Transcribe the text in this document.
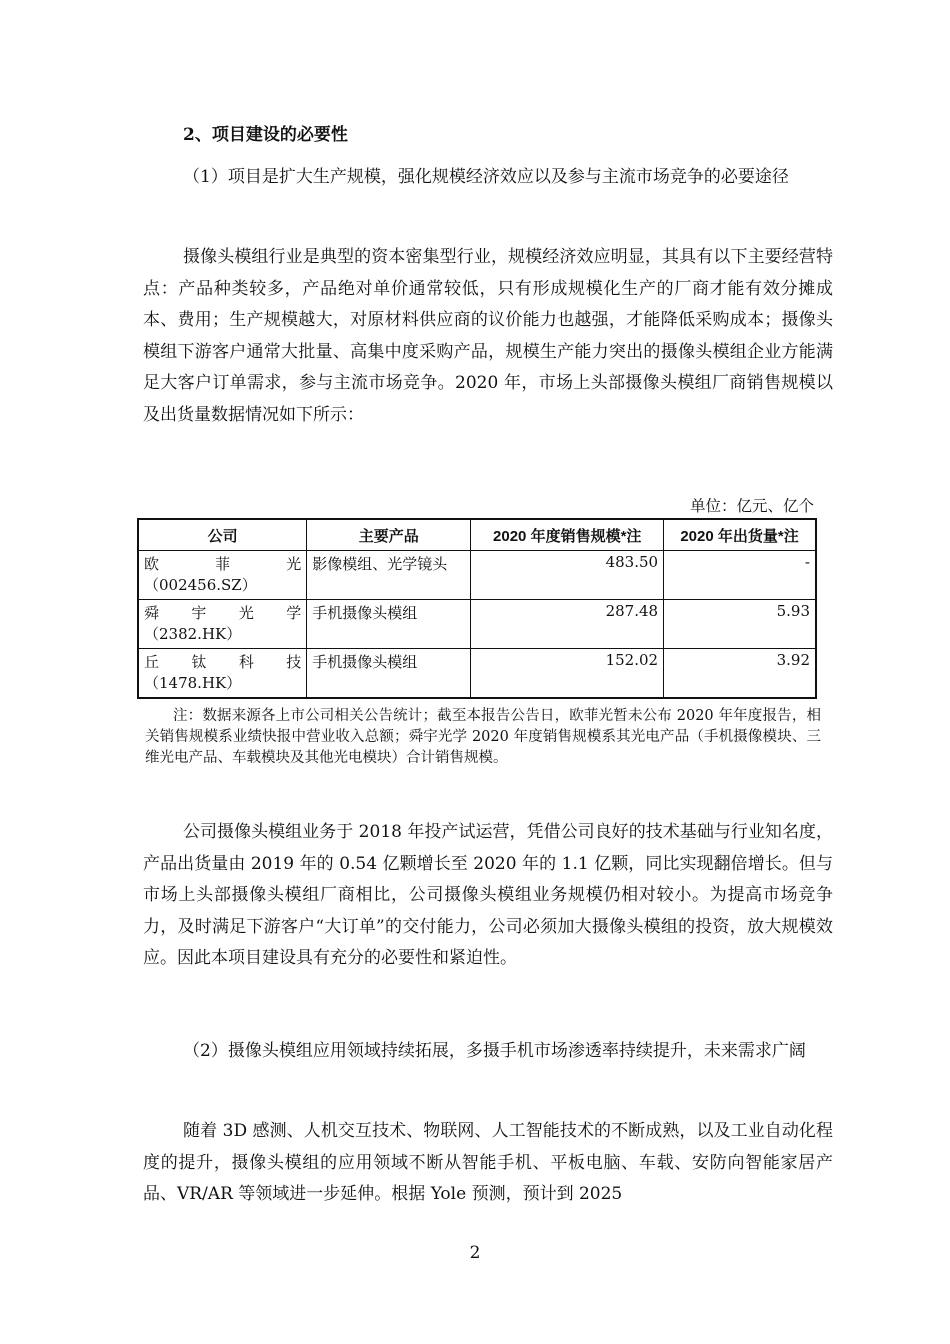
2、项目建设的必要性

（1）项目是扩大生产规模，强化规模经济效应以及参与主流市场竞争的必要途径

摄像头模组行业是典型的资本密集型行业，规模经济效应明显，其具有以下主要经营特点：产品种类较多，产品绝对单价通常较低，只有形成规模化生产的厂商才能有效分摊成本、费用；生产规模越大，对原材料供应商的议价能力也越强，才能降低采购成本；摄像头模组下游客户通常大批量、高集中度采购产品，规模生产能力突出的摄像头模组企业方能满足大客户订单需求，参与主流市场竞争。2020 年，市场上头部摄像头模组厂商销售规模以及出货量数据情况如下所示：

单位：亿元、亿个
公司	主要产品	2020 年度销售规模*注	2020 年出货量*注

欧菲光
（002456.SZ）	影像模组、光学镜头	483.50	-

舜宇光学
（2382.HK）	手机摄像头模组	287.48	5.93

丘钛科技
（1478.HK）	手机摄像头模组	152.02	3.92

注：数据来源各上市公司相关公告统计；截至本报告公告日，欧菲光暂未公布 2020 年年度报告，相关销售规模系业绩快报中营业收入总额；舜宇光学 2020 年度销售规模系其光电产品（手机摄像模块、三维光电产品、车载模块及其他光电模块）合计销售规模。

公司摄像头模组业务于 2018 年投产试运营，凭借公司良好的技术基础与行业知名度，产品出货量由 2019 年的 0.54 亿颗增长至 2020 年的 1.1 亿颗，同比实现翻倍增长。但与市场上头部摄像头模组厂商相比，公司摄像头模组业务规模仍相对较小。为提高市场竞争力，及时满足下游客户“大订单”的交付能力，公司必须加大摄像头模组的投资，放大规模效应。因此本项目建设具有充分的必要性和紧迫性。

（2）摄像头模组应用领域持续拓展，多摄手机市场渗透率持续提升，未来需求广阔

随着 3D 感测、人机交互技术、物联网、人工智能技术的不断成熟，以及工业自动化程度的提升，摄像头模组的应用领域不断从智能手机、平板电脑、车载、安防向智能家居产品、VR/AR 等领域进一步延伸。根据 Yole 预测，预计到 2025

2
